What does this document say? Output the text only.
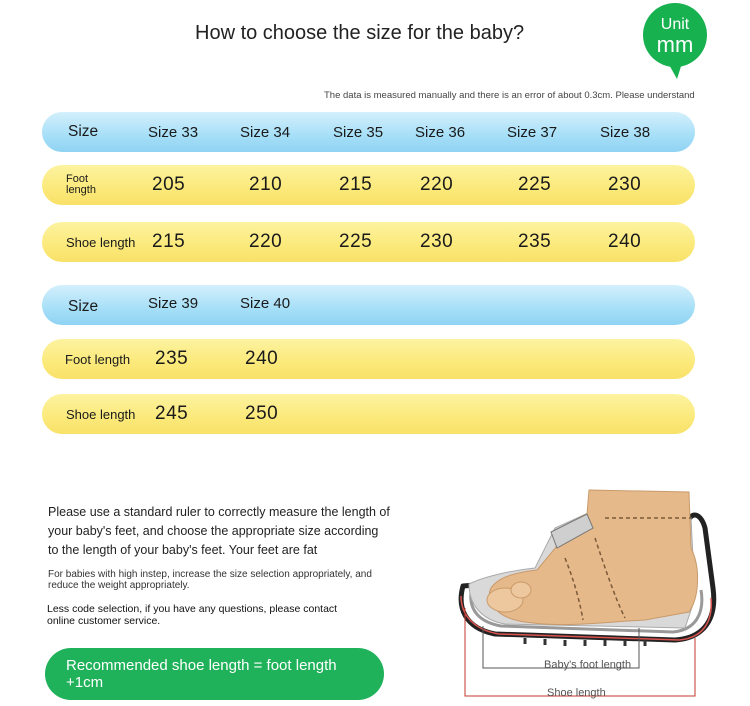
How to choose the size for the baby?	Unit
mm
The data is measured manually and there is an error of about 0.3cm. Please understand
Size	Size 33	Size 34	Size 35 Size 36	Size 37	Size 38
Foot length	205	210	215	220	225	230
Shoe length 215	220	225	230	235	240
Size	Size 39	Size 40
Foot length 235	240
Shoe length 245	250
Please use a standard ruler to correctly measure the length of
your baby's feet, and choose the appropriate size according
to the length of your baby's feet. Your feet are fat
For babies with high instep, increase the size selection appropriately, and
reduce the weight appropriately.
Less code selection, if you have any questions, please contact
online customer service.
Recommended shoe length = foot length
+1cm
Baby's foot length
Shoe length
